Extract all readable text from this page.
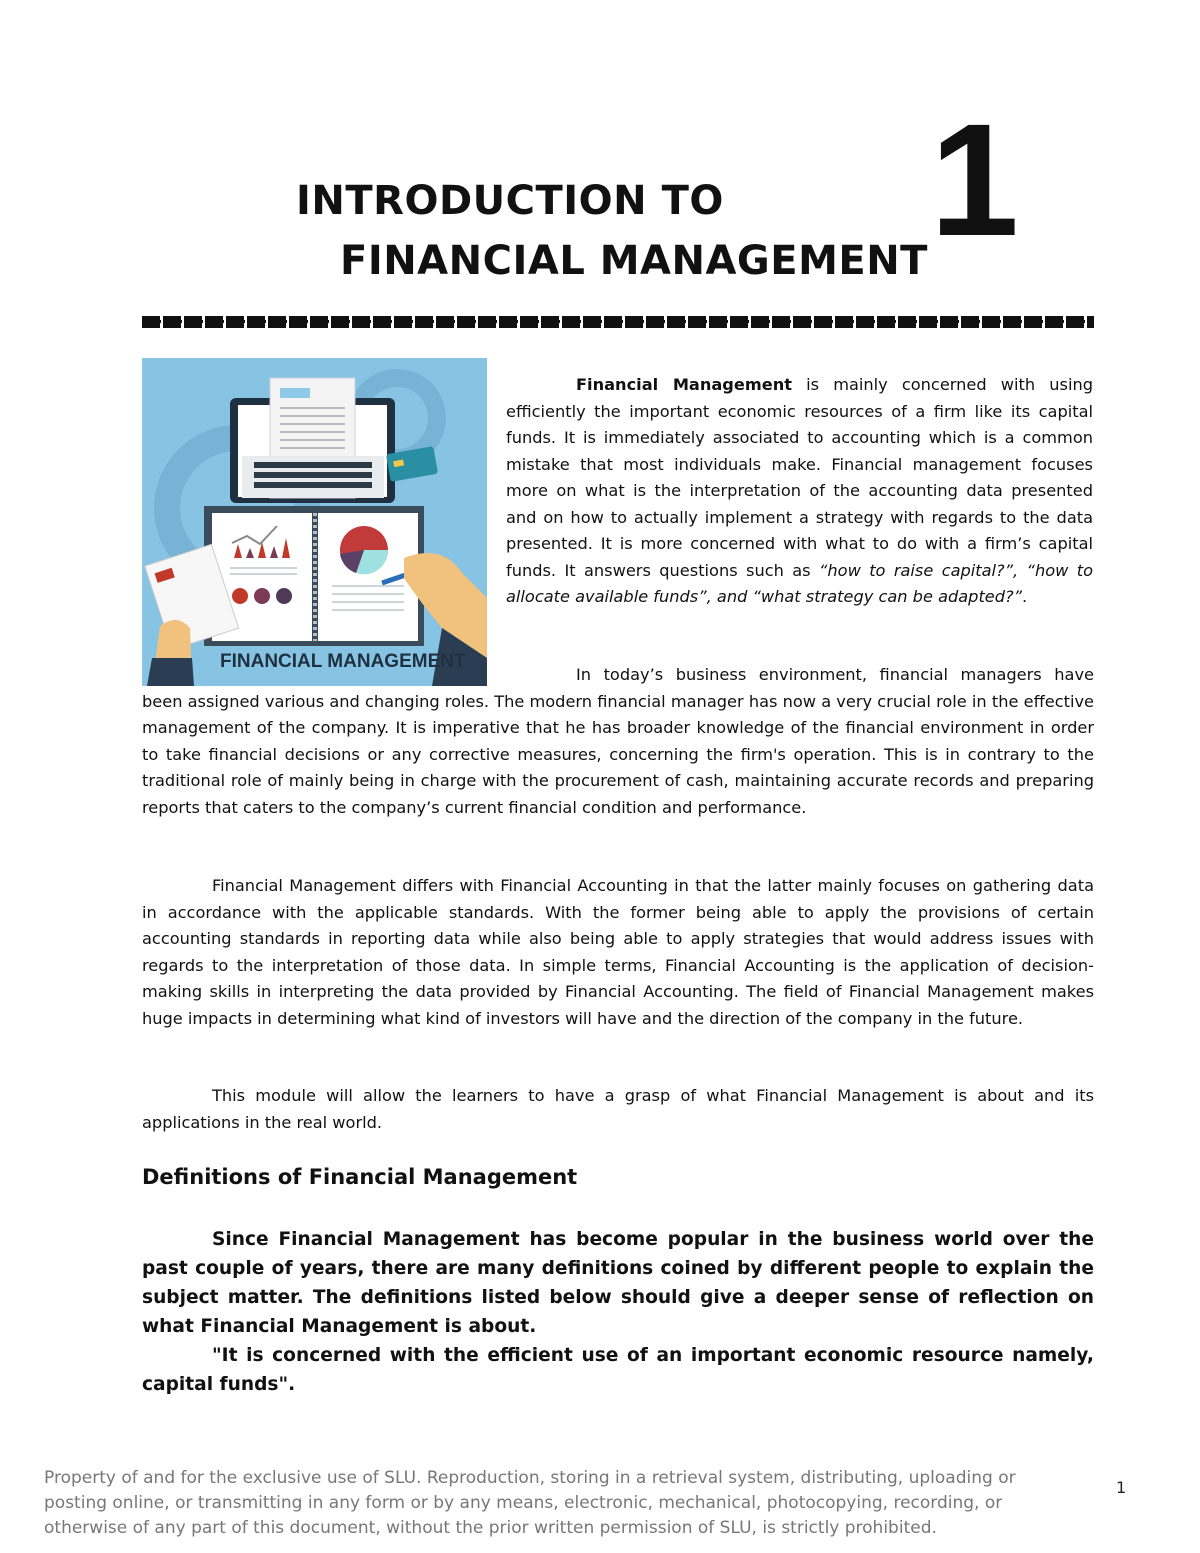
INTRODUCTION TO
FINANCIAL MANAGEMENT 1
FINANCIAL MANAGEMENT

Financial Management is mainly concerned with using efficiently the important economic resources of a firm like its capital funds. It is immediately associated to accounting which is a common mistake that most individuals make. Financial management focuses more on what is the interpretation of the accounting data presented and on how to actually implement a strategy with regards to the data presented. It is more concerned with what to do with a firm’s capital funds. It answers questions such as “how to raise capital?”, “how to allocate available funds”, and “what strategy can be adapted?”.

In today’s business environment, financial managers have been assigned various and changing roles. The modern financial manager has now a very crucial role in the effective management of the company. It is imperative that he has broader knowledge of the financial environment in order to take financial decisions or any corrective measures, concerning the firm's operation. This is in contrary to the traditional role of mainly being in charge with the procurement of cash, maintaining accurate records and preparing reports that caters to the company’s current financial condition and performance.

Financial Management differs with Financial Accounting in that the latter mainly focuses on gathering data in accordance with the applicable standards. With the former being able to apply the provisions of certain accounting standards in reporting data while also being able to apply strategies that would address issues with regards to the interpretation of those data. In simple terms, Financial Accounting is the application of decision-making skills in interpreting the data provided by Financial Accounting. The field of Financial Management makes huge impacts in determining what kind of investors will have and the direction of the company in the future.

This module will allow the learners to have a grasp of what Financial Management is about and its applications in the real world.

Definitions of Financial Management

Since Financial Management has become popular in the business world over the past couple of years, there are many definitions coined by different people to explain the subject matter. The definitions listed below should give a deeper sense of reflection on what Financial Management is about.

"It is concerned with the efficient use of an important economic resource namely, capital funds".

Property of and for the exclusive use of SLU. Reproduction, storing in a retrieval system, distributing, uploading or posting online, or transmitting in any form or by any means, electronic, mechanical, photocopying, recording, or otherwise of any part of this document, without the prior written permission of SLU, is strictly prohibited.
1
